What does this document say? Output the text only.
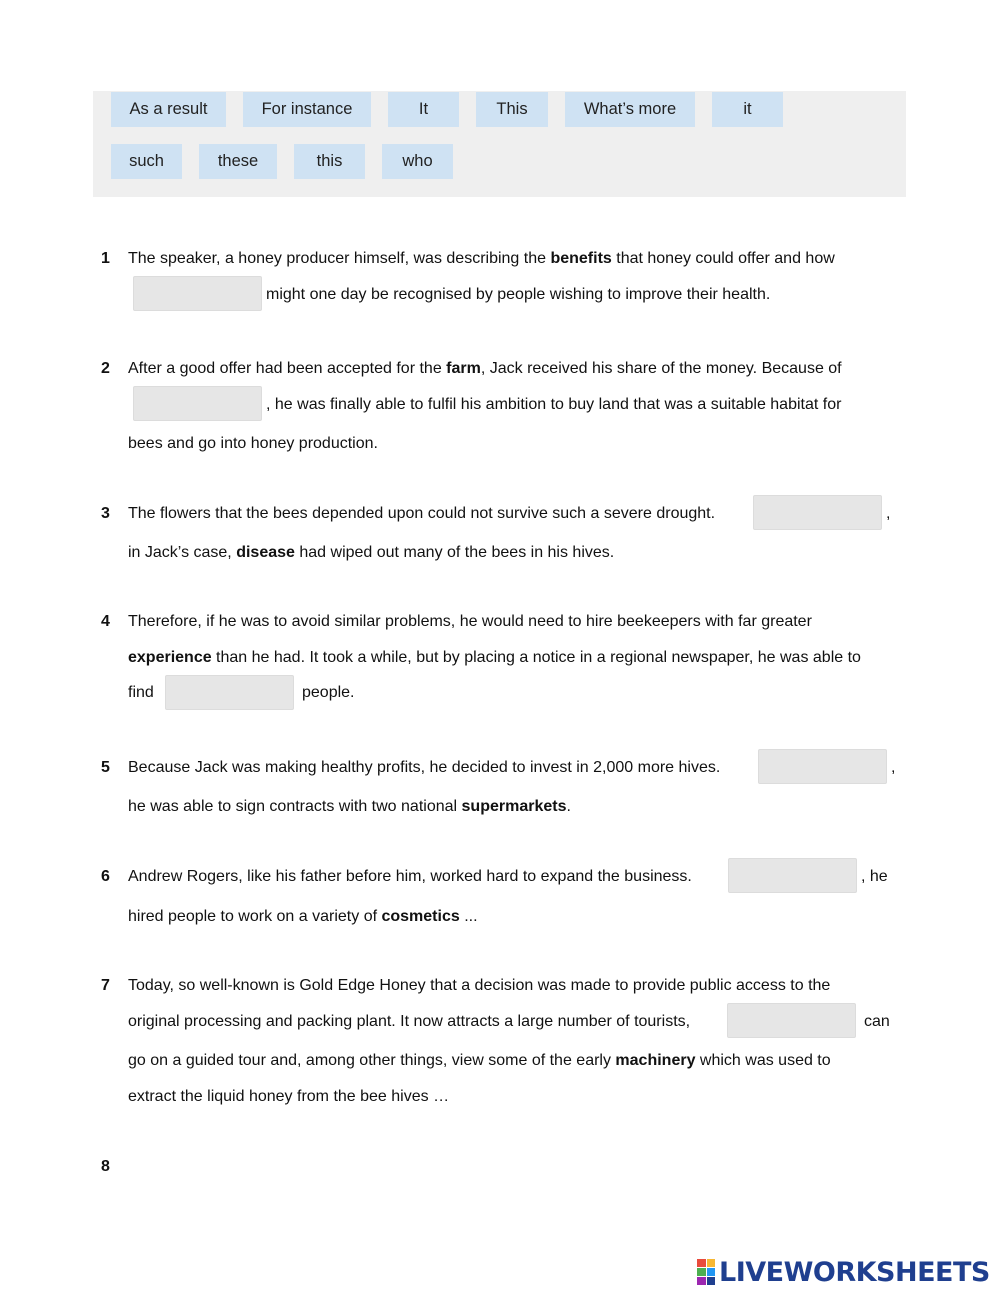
As a result	For instance	It	This	What’s more	it
such	these	this	who
1 The speaker, a honey producer himself, was describing the benefits that honey could offer and how
might one day be recognised by people wishing to improve their health.
2 After a good offer had been accepted for the farm, Jack received his share of the money. Because of
, he was finally able to fulfil his ambition to buy land that was a suitable habitat for
bees and go into honey production.
3 The flowers that the bees depended upon could not survive such a severe drought.	,
in Jack’s case, disease had wiped out many of the bees in his hives.
4 Therefore, if he was to avoid similar problems, he would need to hire beekeepers with far greater
experience than he had. It took a while, but by placing a notice in a regional newspaper, he was able to
find	people.
5 Because Jack was making healthy profits, he decided to invest in 2,000 more hives.	,
he was able to sign contracts with two national supermarkets.
6 Andrew Rogers, like his father before him, worked hard to expand the business.	, he
hired people to work on a variety of cosmetics ...
7 Today, so well-known is Gold Edge Honey that a decision was made to provide public access to the
original processing and packing plant. It now attracts a large number of tourists,	can
go on a guided tour and, among other things, view some of the early machinery which was used to
extract the liquid honey from the bee hives …
8
LIVEWORKSHEETS
